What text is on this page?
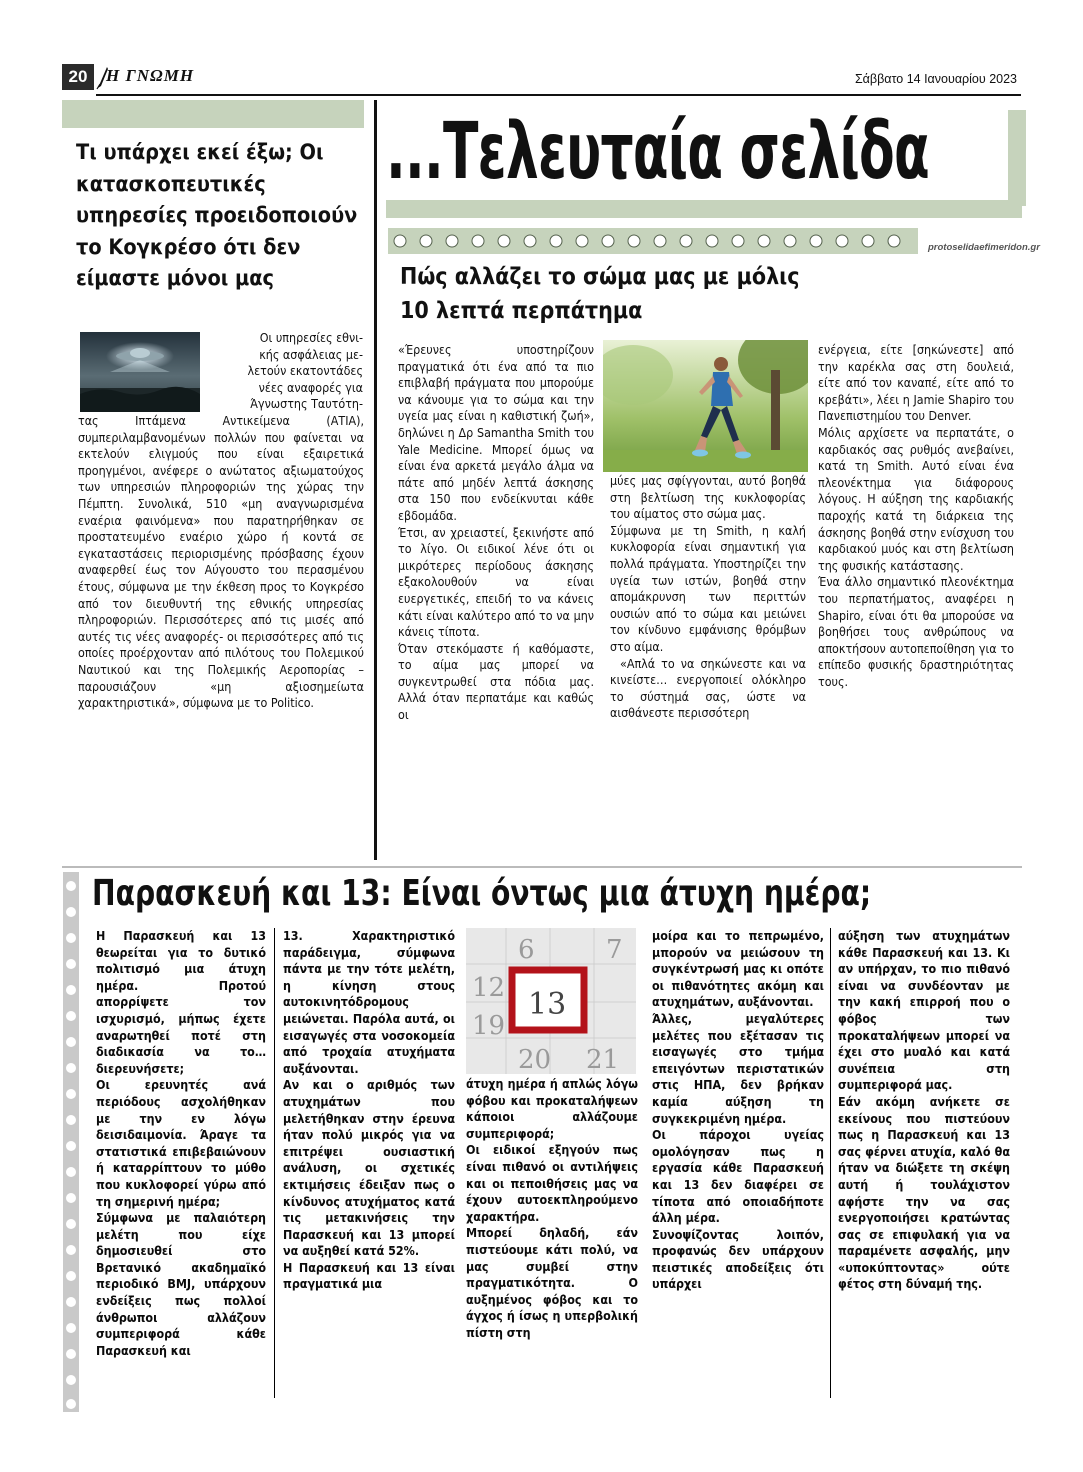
20	Η ΓΝΩΜΗ	Σάββατο 14 Ιανουαρίου 2023
Τι υπάρχει εκεί έξω; Οι κατασκοπευτικές υπηρεσίες προειδοποιούν το Κογκρέσο ότι δεν είμαστε μόνοι μας

Οι υπηρεσίες εθνι-

κής ασφάλειας με-

λετούν εκατοντάδες

νέες αναφορές για

Άγνωστης Ταυτότη-

τας Ιπτάμενα Αντικείμενα (ΑΤΙΑ), συμπεριλαμβανομένων πολλών που φαίνεται να εκτελούν ελιγμούς που είναι εξαιρετικά προηγμένοι, ανέφερε ο ανώτατος αξιωματούχος των υπηρεσιών πληροφοριών της χώρας την Πέμπτη. Συνολικά, 510 «μη αναγνωρισμένα εναέρια φαινόμενα» που παρατηρήθηκαν σε προστατευμένο εναέριο χώρο ή κοντά σε εγκαταστάσεις περιορισμένης πρόσβασης έχουν αναφερθεί έως τον Αύγουστο του περασμένου έτους, σύμφωνα με την έκθεση προς το Κογκρέσο από τον διευθυντή της εθνικής υπηρεσίας πληροφοριών. Περισσότερες από τις μισές από αυτές τις νέες αναφορές- οι περισσότερες από τις οποίες προέρχονταν από πιλότους του Πολεμικού Ναυτικού και της Πολεμικής Αεροπορίας – παρουσιάζουν «μη αξιοσημείωτα χαρακτηριστικά», σύμφωνα με το Politico.

...Τελευταία σελίδα
protoselidaefimeridon.gr
Πώς αλλάζει το σώμα μας με μόλις
10 λεπτά περπάτημα

«Έρευνες υποστηρίζουν πραγματικά ότι ένα από τα πιο επιβλαβή πράγματα που μπορούμε να κάνουμε για το σώμα και την υγεία μας είναι η καθιστική ζωή», δηλώνει η Δρ Samantha Smith του Yale Medicine. Μπορεί όμως να είναι ένα αρκετά μεγάλο άλμα να πάτε από μηδέν λεπτά άσκησης στα 150 που ενδείκνυται κάθε εβδομάδα.

Έτσι, αν χρειαστεί, ξεκινήστε από το λίγο. Οι ειδικοί λένε ότι οι μικρότερες περίοδους άσκησης εξακολουθούν να είναι ευεργετικές, επειδή το να κάνεις κάτι είναι καλύτερο από το να μην κάνεις τίποτα.

Όταν στεκόμαστε ή καθόμαστε, το αίμα μας μπορεί να συγκεντρωθεί στα πόδια μας. Αλλά όταν περπατάμε και καθώς οι

μύες μας σφίγγονται, αυτό βοηθά στη βελτίωση της κυκλοφορίας του αίματος στο σώμα μας.

Σύμφωνα με τη Smith, η καλή κυκλοφορία είναι σημαντική για πολλά πράγματα. Υποστηρίζει την υγεία των ιστών, βοηθά στην απομάκρυνση των περιττών ουσιών από το σώμα και μειώνει τον κίνδυνο εμφάνισης θρόμβων στο αίμα.

«Απλά το να σηκώνεστε και να κινείστε… ενεργοποιεί ολόκληρο το σύστημά σας, ώστε να αισθάνεστε περισσότερη

ενέργεια, είτε [σηκώνεστε] από την καρέκλα σας στη δουλειά, είτε από τον καναπέ, είτε από το κρεβάτι», λέει η Jamie Shapiro του Πανεπιστημίου του Denver.

Μόλις αρχίσετε να περπατάτε, ο καρδιακός σας ρυθμός ανεβαίνει, κατά τη Smith. Αυτό είναι ένα πλεονέκτημα για διάφορους λόγους. Η αύξηση της καρδιακής παροχής κατά τη διάρκεια της άσκησης βοηθά στην ενίσχυση του καρδιακού μυός και στη βελτίωση της φυσικής κατάστασης.

Ένα άλλο σημαντικό πλεονέκτημα του περπατήματος, αναφέρει η Shapiro, είναι ότι θα μπορούσε να βοηθήσει τους ανθρώπους να αποκτήσουν αυτοπεποίθηση για το επίπεδο φυσικής δραστηριότητας τους.

Παρασκευή και 13: Είναι όντως μια άτυχη ημέρα;

Η Παρασκευή και 13 θεωρείται για το δυτικό πολιτισμό μια άτυχη ημέρα. Προτού απορρίψετε τον ισχυρισμό, μήπως έχετε αναρωτηθεί ποτέ στη διαδικασία να το… διερευνήσετε;

Οι ερευνητές ανά περιόδους ασχολήθηκαν με την εν λόγω δεισιδαιμονία. Άραγε τα στατιστικά επιβεβαιώνουν ή καταρρίπτουν το μύθο που κυκλοφορεί γύρω από τη σημερινή ημέρα;

Σύμφωνα με παλαιότερη μελέτη που είχε δημοσιευθεί στο Βρετανικό ακαδημαϊκό περιοδικό BMJ, υπάρχουν ενδείξεις πως πολλοί άνθρωποι αλλάζουν συμπεριφορά κάθε Παρασκευή και

13. Χαρακτηριστικό παράδειγμα, σύμφωνα πάντα με την τότε μελέτη, η κίνηση στους αυτοκινητόδρομους μειώνεται. Παρόλα αυτά, οι εισαγωγές στα νοσοκομεία από τροχαία ατυχήματα αυξάνονται.

Αν και ο αριθμός των ατυχημάτων που μελετήθηκαν στην έρευνα ήταν πολύ μικρός για να επιτρέψει ουσιαστική ανάλυση, οι σχετικές εκτιμήσεις έδειξαν πως ο κίνδυνος ατυχήματος κατά τις μετακινήσεις την Παρασκευή και 13 μπορεί να αυξηθεί κατά 52%.

Η Παρασκευή και 13 είναι πραγματικά μια

6	7
12
19
20 21
13

άτυχη ημέρα ή απλώς λόγω φόβου και προκαταλήψεων κάποιοι αλλάζουμε συμπεριφορά;

Οι ειδικοί εξηγούν πως είναι πιθανό οι αντιλήψεις και οι πεποιθήσεις μας να έχουν αυτοεκπληρούμενο χαρακτήρα.

Μπορεί δηλαδή, εάν πιστεύουμε κάτι πολύ, να μας συμβεί στην πραγματικότητα. Ο αυξημένος φόβος και το άγχος ή ίσως η υπερβολική πίστη στη

μοίρα και το πεπρωμένο, μπορούν να μειώσουν τη συγκέντρωσή μας κι οπότε οι πιθανότητες ακόμη και ατυχημάτων, αυξάνονται.

Άλλες, μεγαλύτερες μελέτες που εξέτασαν τις εισαγωγές στο τμήμα επειγόντων περιστατικών στις ΗΠΑ, δεν βρήκαν καμία αύξηση τη συγκεκριμένη ημέρα.

Οι πάροχοι υγείας ομολόγησαν πως η εργασία κάθε Παρασκευή και 13 δεν διαφέρει σε τίποτα από οποιαδήποτε άλλη μέρα.

Συνοψίζοντας λοιπόν, προφανώς δεν υπάρχουν πειστικές αποδείξεις ότι υπάρχει

αύξηση των ατυχημάτων κάθε Παρασκευή και 13. Κι αν υπήρχαν, το πιο πιθανό είναι να συνδέονταν με την κακή επιρροή που ο φόβος των προκαταλήψεων μπορεί να έχει στο μυαλό και κατά συνέπεια στη συμπεριφορά μας.

Εάν ακόμη ανήκετε σε εκείνους που πιστεύουν πως η Παρασκευή και 13 σας φέρνει ατυχία, καλό θα ήταν να διώξετε τη σκέψη αυτή ή τουλάχιστον αφήστε την να σας ενεργοποιήσει κρατώντας σας σε επιφυλακή για να παραμένετε ασφαλής, μην «υποκύπτοντας» ούτε φέτος στη δύναμή της.
